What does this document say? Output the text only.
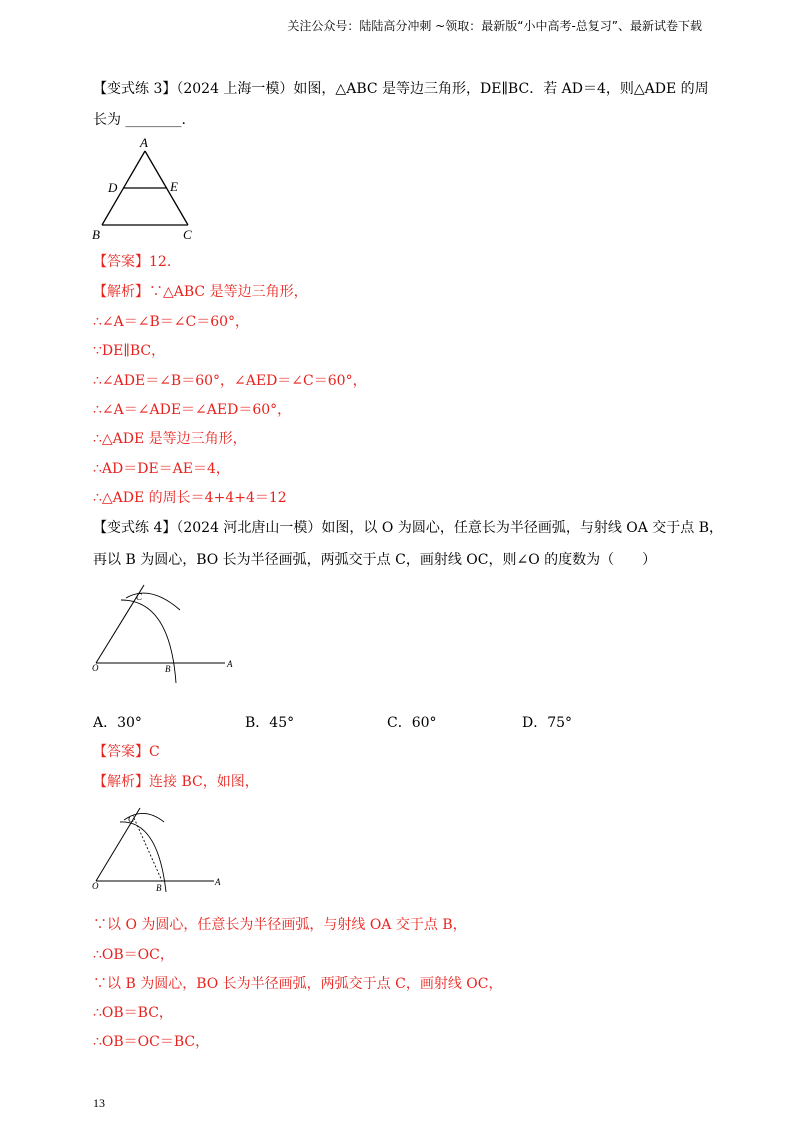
关注公众号：陆陆高分冲刺 ~领取：最新版“小中高考-总复习”、最新试卷下载
【变式练 3】（2024 上海一模）如图，△ABC 是等边三角形，DE∥BC．若 AD＝4，则△ADE 的周
长为 ________.
A
D	E
B	C
【答案】12.
【解析】∵△ABC 是等边三角形，
∴∠A＝∠B＝∠C＝60°，
∵DE∥BC，
∴∠ADE＝∠B＝60°，∠AED＝∠C＝60°，
∴∠A＝∠ADE＝∠AED＝60°，
∴△ADE 是等边三角形，
∴AD＝DE＝AE＝4，
∴△ADE 的周长＝4+4+4＝12
【变式练 4】（2024 河北唐山一模）如图，以 O 为圆心，任意长为半径画弧，与射线 OA 交于点 B，
再以 B 为圆心，BO 长为半径画弧，两弧交于点 C，画射线 OC，则∠O 的度数为（　　）
C
O	B	A
A．30°	B．45°	C．60°	D．75°
【答案】C
【解析】连接 BC，如图，
C
O	B
A
∵以 O 为圆心，任意长为半径画弧，与射线 OA 交于点 B，
∴OB＝OC，
∵以 B 为圆心，BO 长为半径画弧，两弧交于点 C，画射线 OC，
∴OB＝BC，
∴OB＝OC＝BC，
13
